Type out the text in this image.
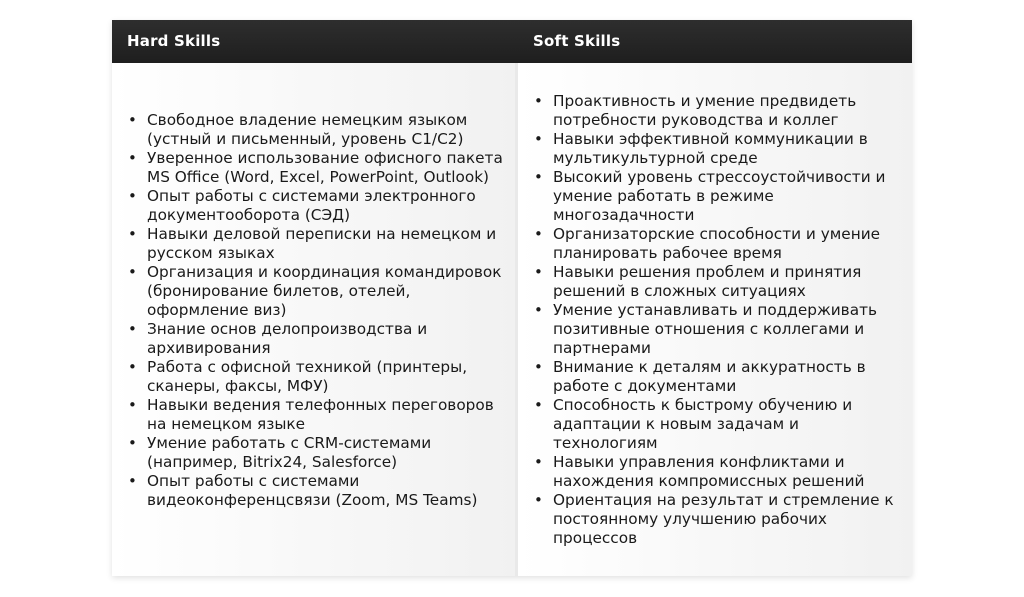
Hard Skills	Soft Skills
• Свободное владение немецким языком (устный и письменный, уровень С1/С2)
• Уверенное использование офисного пакета MS Office (Word, Excel, PowerPoint, Outlook)
• Опыт работы с системами электронного документооборота (СЭД)
• Навыки деловой переписки на немецком и русском языках
• Организация и координация командировок (бронирование билетов, отелей, оформление виз)
• Знание основ делопроизводства и архивирования
• Работа с офисной техникой (принтеры, сканеры, факсы, МФУ)
• Навыки ведения телефонных переговоров на немецком языке
• Умение работать с CRM-системами (например, Bitrix24, Salesforce)
• Опыт работы с системами видеоконференцсвязи (Zoom, MS Teams)
• Проактивность и умение предвидеть потребности руководства и коллег
• Навыки эффективной коммуникации в мультикультурной среде
• Высокий уровень стрессоустойчивости и умение работать в режиме многозадачности
• Организаторские способности и умение планировать рабочее время
• Навыки решения проблем и принятия решений в сложных ситуациях
• Умение устанавливать и поддерживать позитивные отношения с коллегами и партнерами
• Внимание к деталям и аккуратность в работе с документами
• Способность к быстрому обучению и адаптации к новым задачам и технологиям
• Навыки управления конфликтами и нахождения компромиссных решений
• Ориентация на результат и стремление к постоянному улучшению рабочих процессов
